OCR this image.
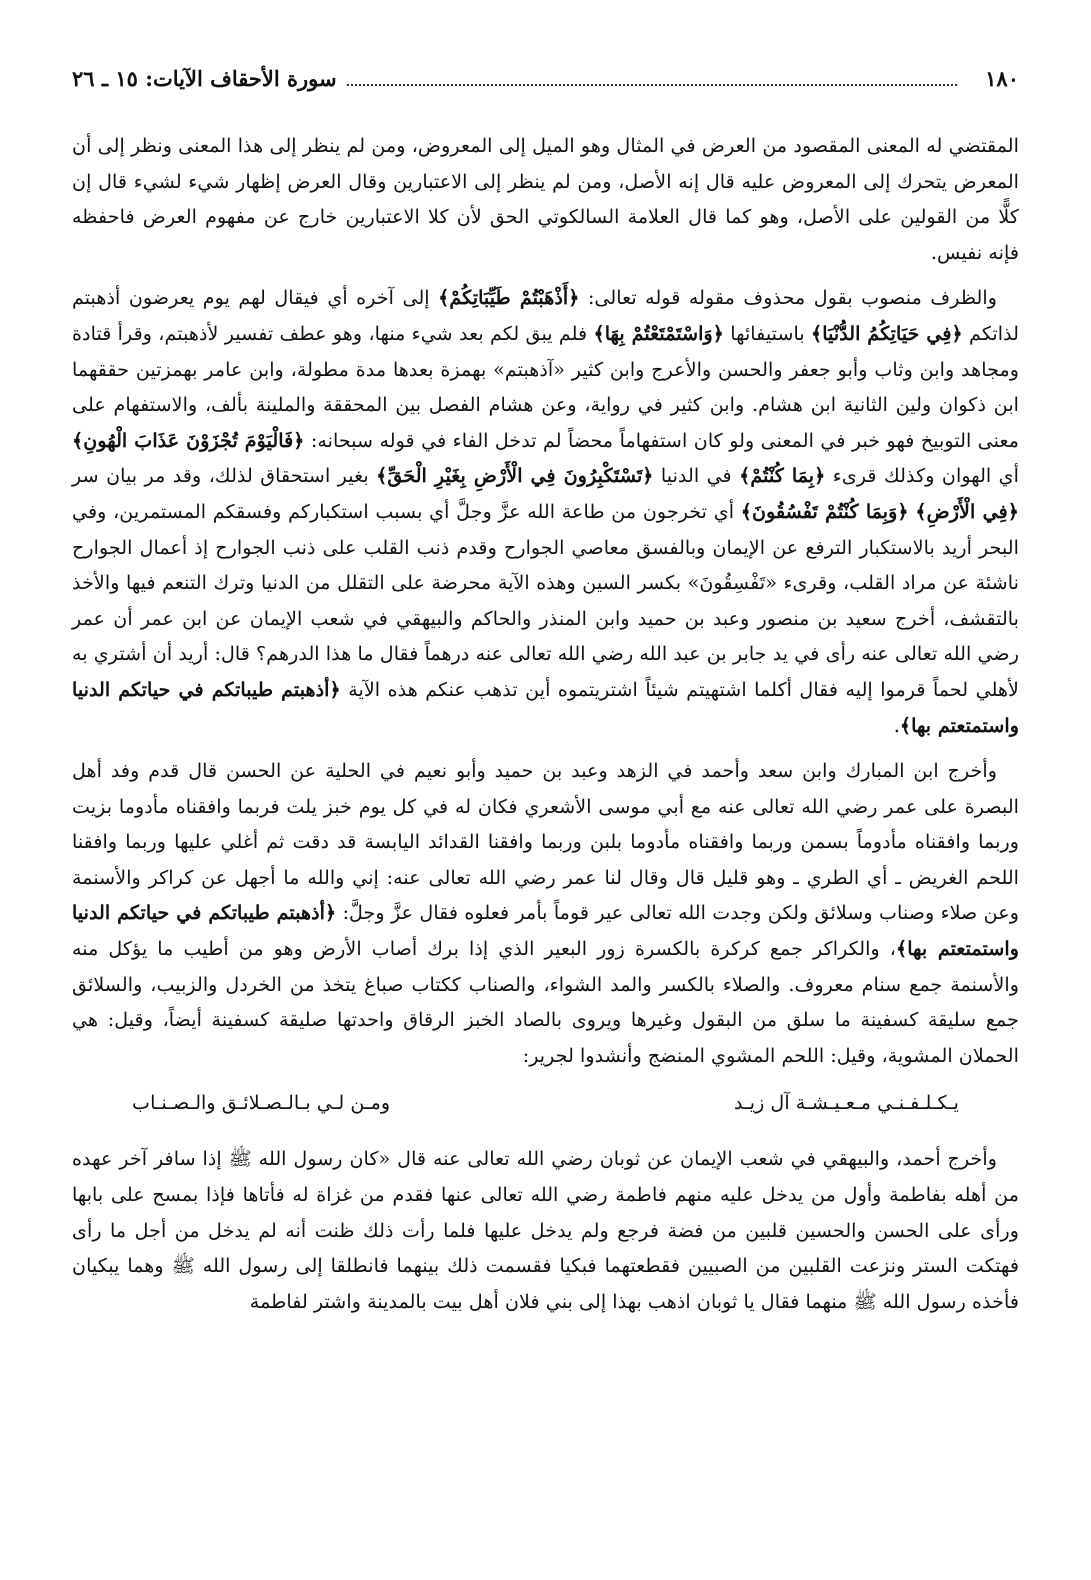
١٨٠
سورة الأحقاف الآيات: ١٥ ـ ٢٦

المقتضي له المعنى المقصود من العرض في المثال وهو الميل إلى المعروض، ومن لم ينظر إلى هذا المعنى ونظر إلى أن المعرض يتحرك إلى المعروض عليه قال إنه الأصل، ومن لم ينظر إلى الاعتبارين وقال العرض إظهار شيء لشيء قال إن كلًّا من القولين على الأصل، وهو كما قال العلامة السالكوتي الحق لأن كلا الاعتبارين خارج عن مفهوم العرض فاحفظه فإنه نفيس.

والظرف منصوب بقول محذوف مقوله قوله تعالى: ﴿أَذْهَبْتُمْ طَيِّبَاتِكُمْ﴾ إلى آخره أي فيقال لهم يوم يعرضون أذهبتم لذاتكم ﴿فِي حَيَاتِكُمُ الدُّنْيَا﴾ باستيفائها ﴿وَاسْتَمْتَعْتُمْ بِهَا﴾ فلم يبق لكم بعد شيء منها، وهو عطف تفسير لأذهبتم، وقرأ قتادة ومجاهد وابن وثاب وأبو جعفر والحسن والأعرج وابن كثير «آذهبتم» بهمزة بعدها مدة مطولة، وابن عامر بهمزتين حققهما ابن ذكوان ولين الثانية ابن هشام. وابن كثير في رواية، وعن هشام الفصل بين المحققة والملينة بألف، والاستفهام على معنى التوبيخ فهو خبر في المعنى ولو كان استفهاماً محضاً لم تدخل الفاء في قوله سبحانه: ﴿فَالْيَوْمَ تُجْزَوْنَ عَذَابَ الْهُونِ﴾ أي الهوان وكذلك قرىء ﴿بِمَا كُنْتُمْ﴾ في الدنيا ﴿تَسْتَكْبِرُونَ فِي الْأَرْضِ بِغَيْرِ الْحَقِّ﴾ بغير استحقاق لذلك، وقد مر بيان سر ﴿فِي الْأَرْضِ﴾ ﴿وَبِمَا كُنْتُمْ تَفْسُقُونَ﴾ أي تخرجون من طاعة الله عزَّ وجلَّ أي بسبب استكباركم وفسقكم المستمرين، وفي البحر أريد بالاستكبار الترفع عن الإيمان وبالفسق معاصي الجوارح وقدم ذنب القلب على ذنب الجوارح إذ أعمال الجوارح ناشئة عن مراد القلب، وقرىء «تَفْسِقُونَ» بكسر السين وهذه الآية محرضة على التقلل من الدنيا وترك التنعم فيها والأخذ بالتقشف، أخرج سعيد بن منصور وعبد بن حميد وابن المنذر والحاكم والبيهقي في شعب الإيمان عن ابن عمر أن عمر رضي الله تعالى عنه رأى في يد جابر بن عبد الله رضي الله تعالى عنه درهماً فقال ما هذا الدرهم؟ قال: أريد أن أشتري به لأهلي لحماً قرموا إليه فقال أكلما اشتهيتم شيئاً اشتريتموه أين تذهب عنكم هذه الآية ﴿أذهبتم طيباتكم في حياتكم الدنيا واستمتعتم بها﴾.

وأخرج ابن المبارك وابن سعد وأحمد في الزهد وعبد بن حميد وأبو نعيم في الحلية عن الحسن قال قدم وفد أهل البصرة على عمر رضي الله تعالى عنه مع أبي موسى الأشعري فكان له في كل يوم خبز يلت فربما وافقناه مأدوما بزيت وربما وافقناه مأدوماً بسمن وربما وافقناه مأدوما بلبن وربما وافقنا القدائد اليابسة قد دقت ثم أغلي عليها وربما وافقنا اللحم الغريض ـ أي الطري ـ وهو قليل قال وقال لنا عمر رضي الله تعالى عنه: إني والله ما أجهل عن كراكر والأسنمة وعن صلاء وصناب وسلائق ولكن وجدت الله تعالى عير قوماً بأمر فعلوه فقال عزَّ وجلَّ: ﴿أذهبتم طيباتكم في حياتكم الدنيا واستمتعتم بها﴾، والكراكر جمع كركرة بالكسرة زور البعير الذي إذا برك أصاب الأرض وهو من أطيب ما يؤكل منه والأسنمة جمع سنام معروف. والصلاء بالكسر والمد الشواء، والصناب ككتاب صباغ يتخذ من الخردل والزبيب، والسلائق جمع سليقة كسفينة ما سلق من البقول وغيرها ويروى بالصاد الخبز الرقاق واحدتها صليقة كسفينة أيضاً، وقيل: هي الحملان المشوية، وقيل: اللحم المشوي المنضج وأنشدوا لجرير:

يـكـلـفـنـي مـعـيـشـة آل زيـد
ومـن لـي بـالـصـلائـق والـصـنـاب

وأخرج أحمد، والبيهقي في شعب الإيمان عن ثوبان رضي الله تعالى عنه قال «كان رسول الله ﷺ إذا سافر آخر عهده من أهله بفاطمة وأول من يدخل عليه منهم فاطمة رضي الله تعالى عنها فقدم من غزاة له فأتاها فإذا بمسح على بابها ورأى على الحسن والحسين قلبين من فضة فرجع ولم يدخل عليها فلما رأت ذلك ظنت أنه لم يدخل من أجل ما رأى فهتكت الستر ونزعت القلبين من الصبيين فقطعتهما فبكيا فقسمت ذلك بينهما فانطلقا إلى رسول الله ﷺ وهما يبكيان فأخذه رسول الله ﷺ منهما فقال يا ثوبان اذهب بهذا إلى بني فلان أهل بيت بالمدينة واشتر لفاطمة
